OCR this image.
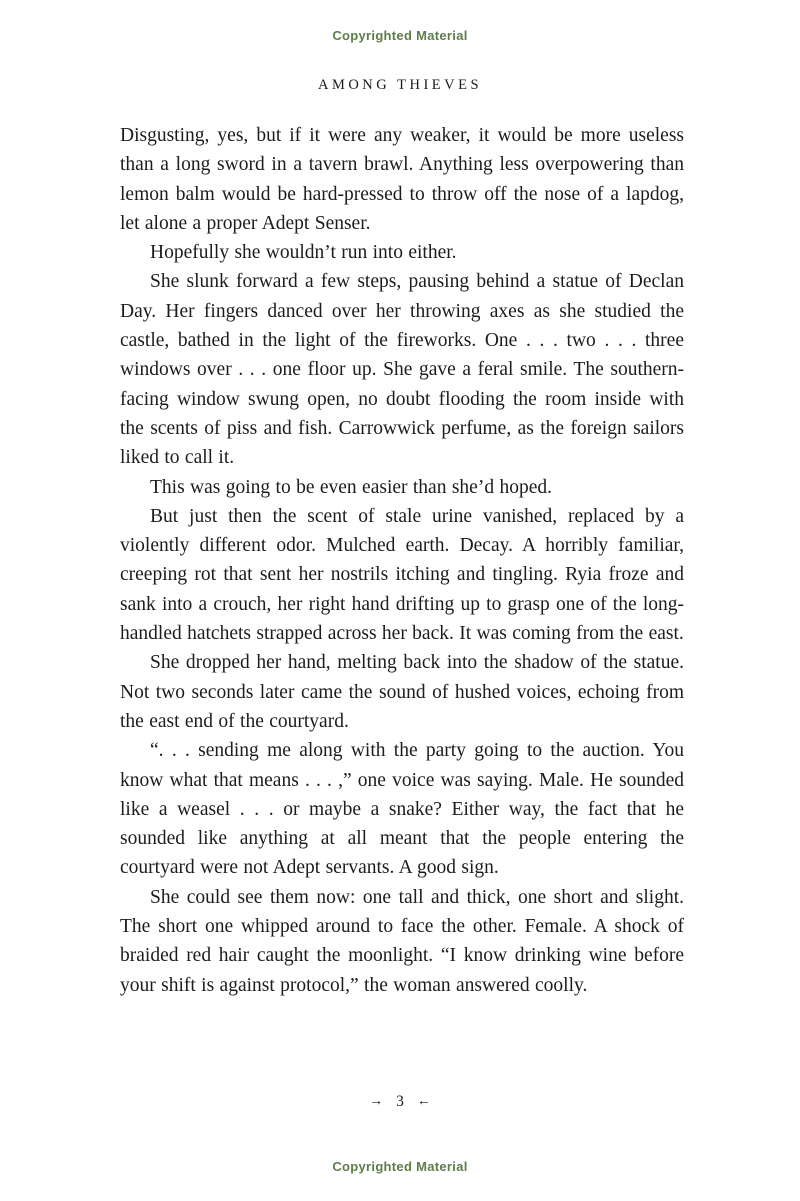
Copyrighted Material
AMONG THIEVES

Disgusting, yes, but if it were any weaker, it would be more useless than a long sword in a tavern brawl. Anything less overpowering than lemon balm would be hard-pressed to throw off the nose of a lapdog, let alone a proper Adept Senser.

Hopefully she wouldn’t run into either.

She slunk forward a few steps, pausing behind a statue of Declan Day. Her fingers danced over her throwing axes as she studied the castle, bathed in the light of the fireworks. One . . . two . . . three windows over . . . one floor up. She gave a feral smile. The southern-facing window swung open, no doubt flooding the room inside with the scents of piss and fish. Carrowwick perfume, as the foreign sailors liked to call it.

This was going to be even easier than she’d hoped.

But just then the scent of stale urine vanished, replaced by a violently different odor. Mulched earth. Decay. A horribly familiar, creeping rot that sent her nostrils itching and tingling. Ryia froze and sank into a crouch, her right hand drifting up to grasp one of the long-handled hatchets strapped across her back. It was coming from the east.

She dropped her hand, melting back into the shadow of the statue. Not two seconds later came the sound of hushed voices, echoing from the east end of the courtyard.

“. . . sending me along with the party going to the auction. You know what that means . . . ,” one voice was saying. Male. He sounded like a weasel . . . or maybe a snake? Either way, the fact that he sounded like anything at all meant that the people entering the courtyard were not Adept servants. A good sign.

She could see them now: one tall and thick, one short and slight. The short one whipped around to face the other. Female. A shock of braided red hair caught the moonlight. “I know drinking wine before your shift is against protocol,” the woman answered coolly.

→ 3 ←
Copyrighted Material
